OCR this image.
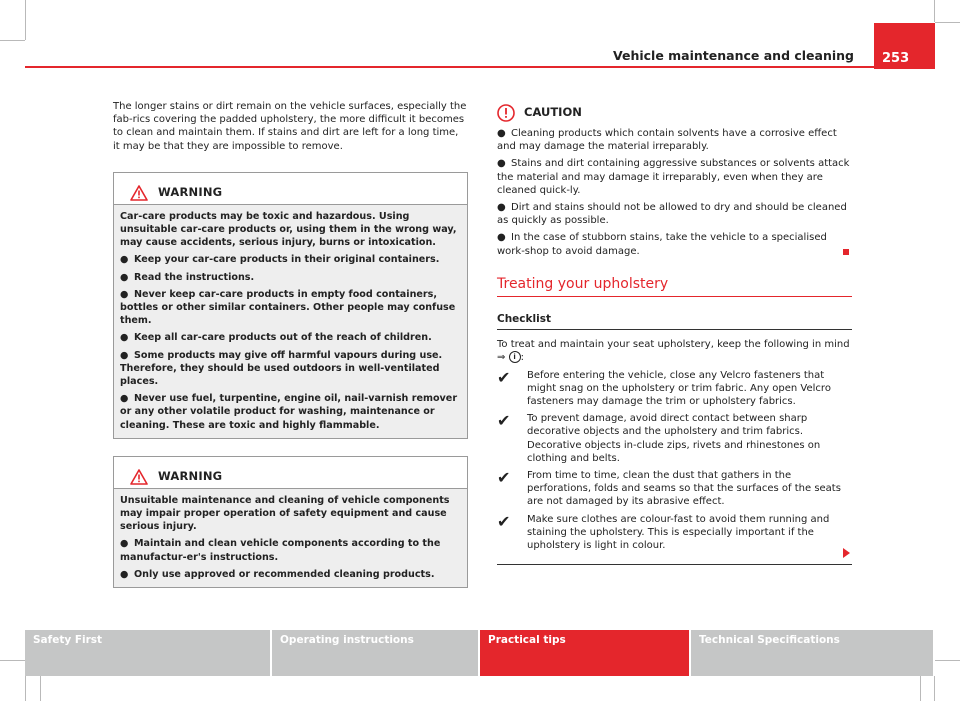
Vehicle maintenance and cleaning 253

The longer stains or dirt remain on the vehicle surfaces, especially the fab-rics covering the padded upholstery, the more difficult it becomes to clean and maintain them. If stains and dirt are left for a long time, it may be that they are impossible to remove.

WARNING

Car-care products may be toxic and hazardous. Using unsuitable car-care products or, using them in the wrong way, may cause accidents, serious injury, burns or intoxication.

● Keep your car-care products in their original containers.

● Read the instructions.

● Never keep car-care products in empty food containers, bottles or other similar containers. Other people may confuse them.

● Keep all car-care products out of the reach of children.

● Some products may give off harmful vapours during use. Therefore, they should be used outdoors in well-ventilated places.

● Never use fuel, turpentine, engine oil, nail-varnish remover or any other volatile product for washing, maintenance or cleaning. These are toxic and highly flammable.

WARNING

Unsuitable maintenance and cleaning of vehicle components may impair proper operation of safety equipment and cause serious injury.

● Maintain and clean vehicle components according to the manufactur-er's instructions.

● Only use approved or recommended cleaning products.

CAUTION

● Cleaning products which contain solvents have a corrosive effect and may damage the material irreparably.

● Stains and dirt containing aggressive substances or solvents attack the material and may damage it irreparably, even when they are cleaned quick-ly.

● Dirt and stains should not be allowed to dry and should be cleaned as quickly as possible.

● In the case of stubborn stains, take the vehicle to a specialised work-shop to avoid damage.

Treating your upholstery
Checklist

To treat and maintain your seat upholstery, keep the following in mind ⇒ i :

✔	Before entering the vehicle, close any Velcro fasteners that might snag on the upholstery or trim fabric. Any open Velcro fasteners may damage the trim or upholstery fabrics.
✔	To prevent damage, avoid direct contact between sharp decorative objects and the upholstery and trim fabrics. Decorative objects in-clude zips, rivets and rhinestones on clothing and belts.
✔	From time to time, clean the dust that gathers in the perforations, folds and seams so that the surfaces of the seats are not damaged by its abrasive effect.
✔	Make sure clothes are colour-fast to avoid them running and staining the upholstery. This is especially important if the upholstery is light in colour.
Safety First	Operating instructions	Practical tips	Technical Specifications
